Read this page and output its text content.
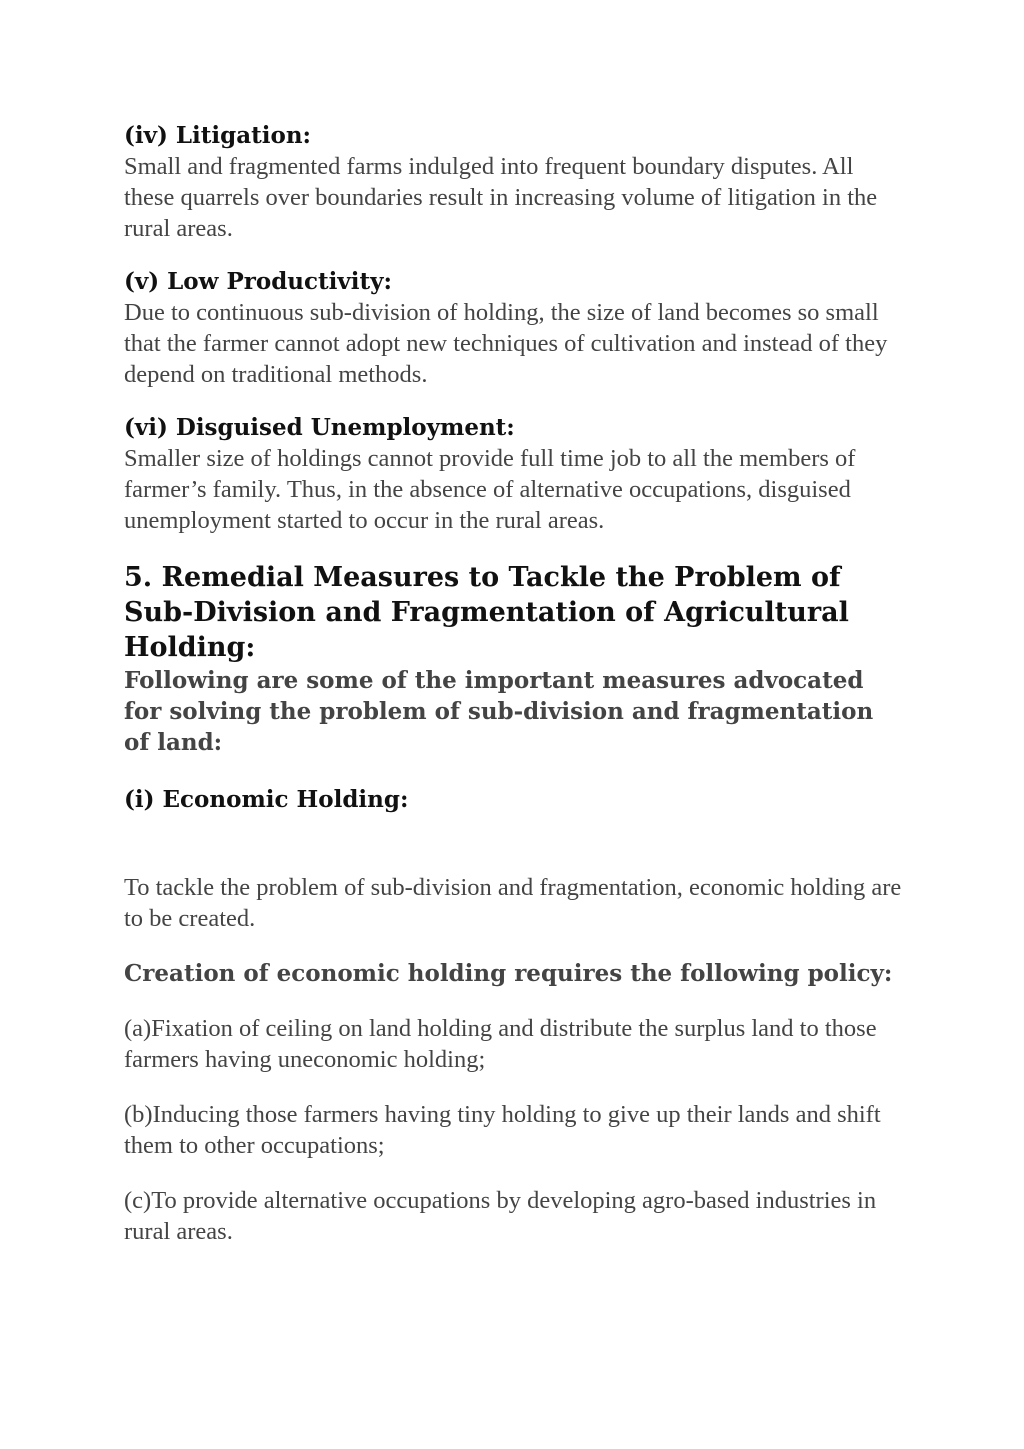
(iv) Litigation:

Small and fragmented farms indulged into frequent boundary disputes. All these quarrels over boundaries result in increasing volume of litigation in the rural areas.

(v) Low Productivity:

Due to continuous sub-division of holding, the size of land becomes so small that the farmer cannot adopt new techniques of cultivation and instead of they depend on traditional methods.

(vi) Disguised Unemployment:

Smaller size of holdings cannot provide full time job to all the members of farmer’s family. Thus, in the absence of alternative occupations, disguised unemployment started to occur in the rural areas.

5. Remedial Measures to Tackle the Problem of Sub-Division and Fragmentation of Agricultural Holding:

Following are some of the important measures advocated for solving the problem of sub-division and fragmentation of land:

(i) Economic Holding:

To tackle the problem of sub-division and fragmentation, economic holding are to be created.

Creation of economic holding requires the following policy:

(a)Fixation of ceiling on land holding and distribute the surplus land to those farmers having uneconomic holding;

(b)Inducing those farmers having tiny holding to give up their lands and shift them to other occupations;

(c)To provide alternative occupations by developing agro-based industries in rural areas.
